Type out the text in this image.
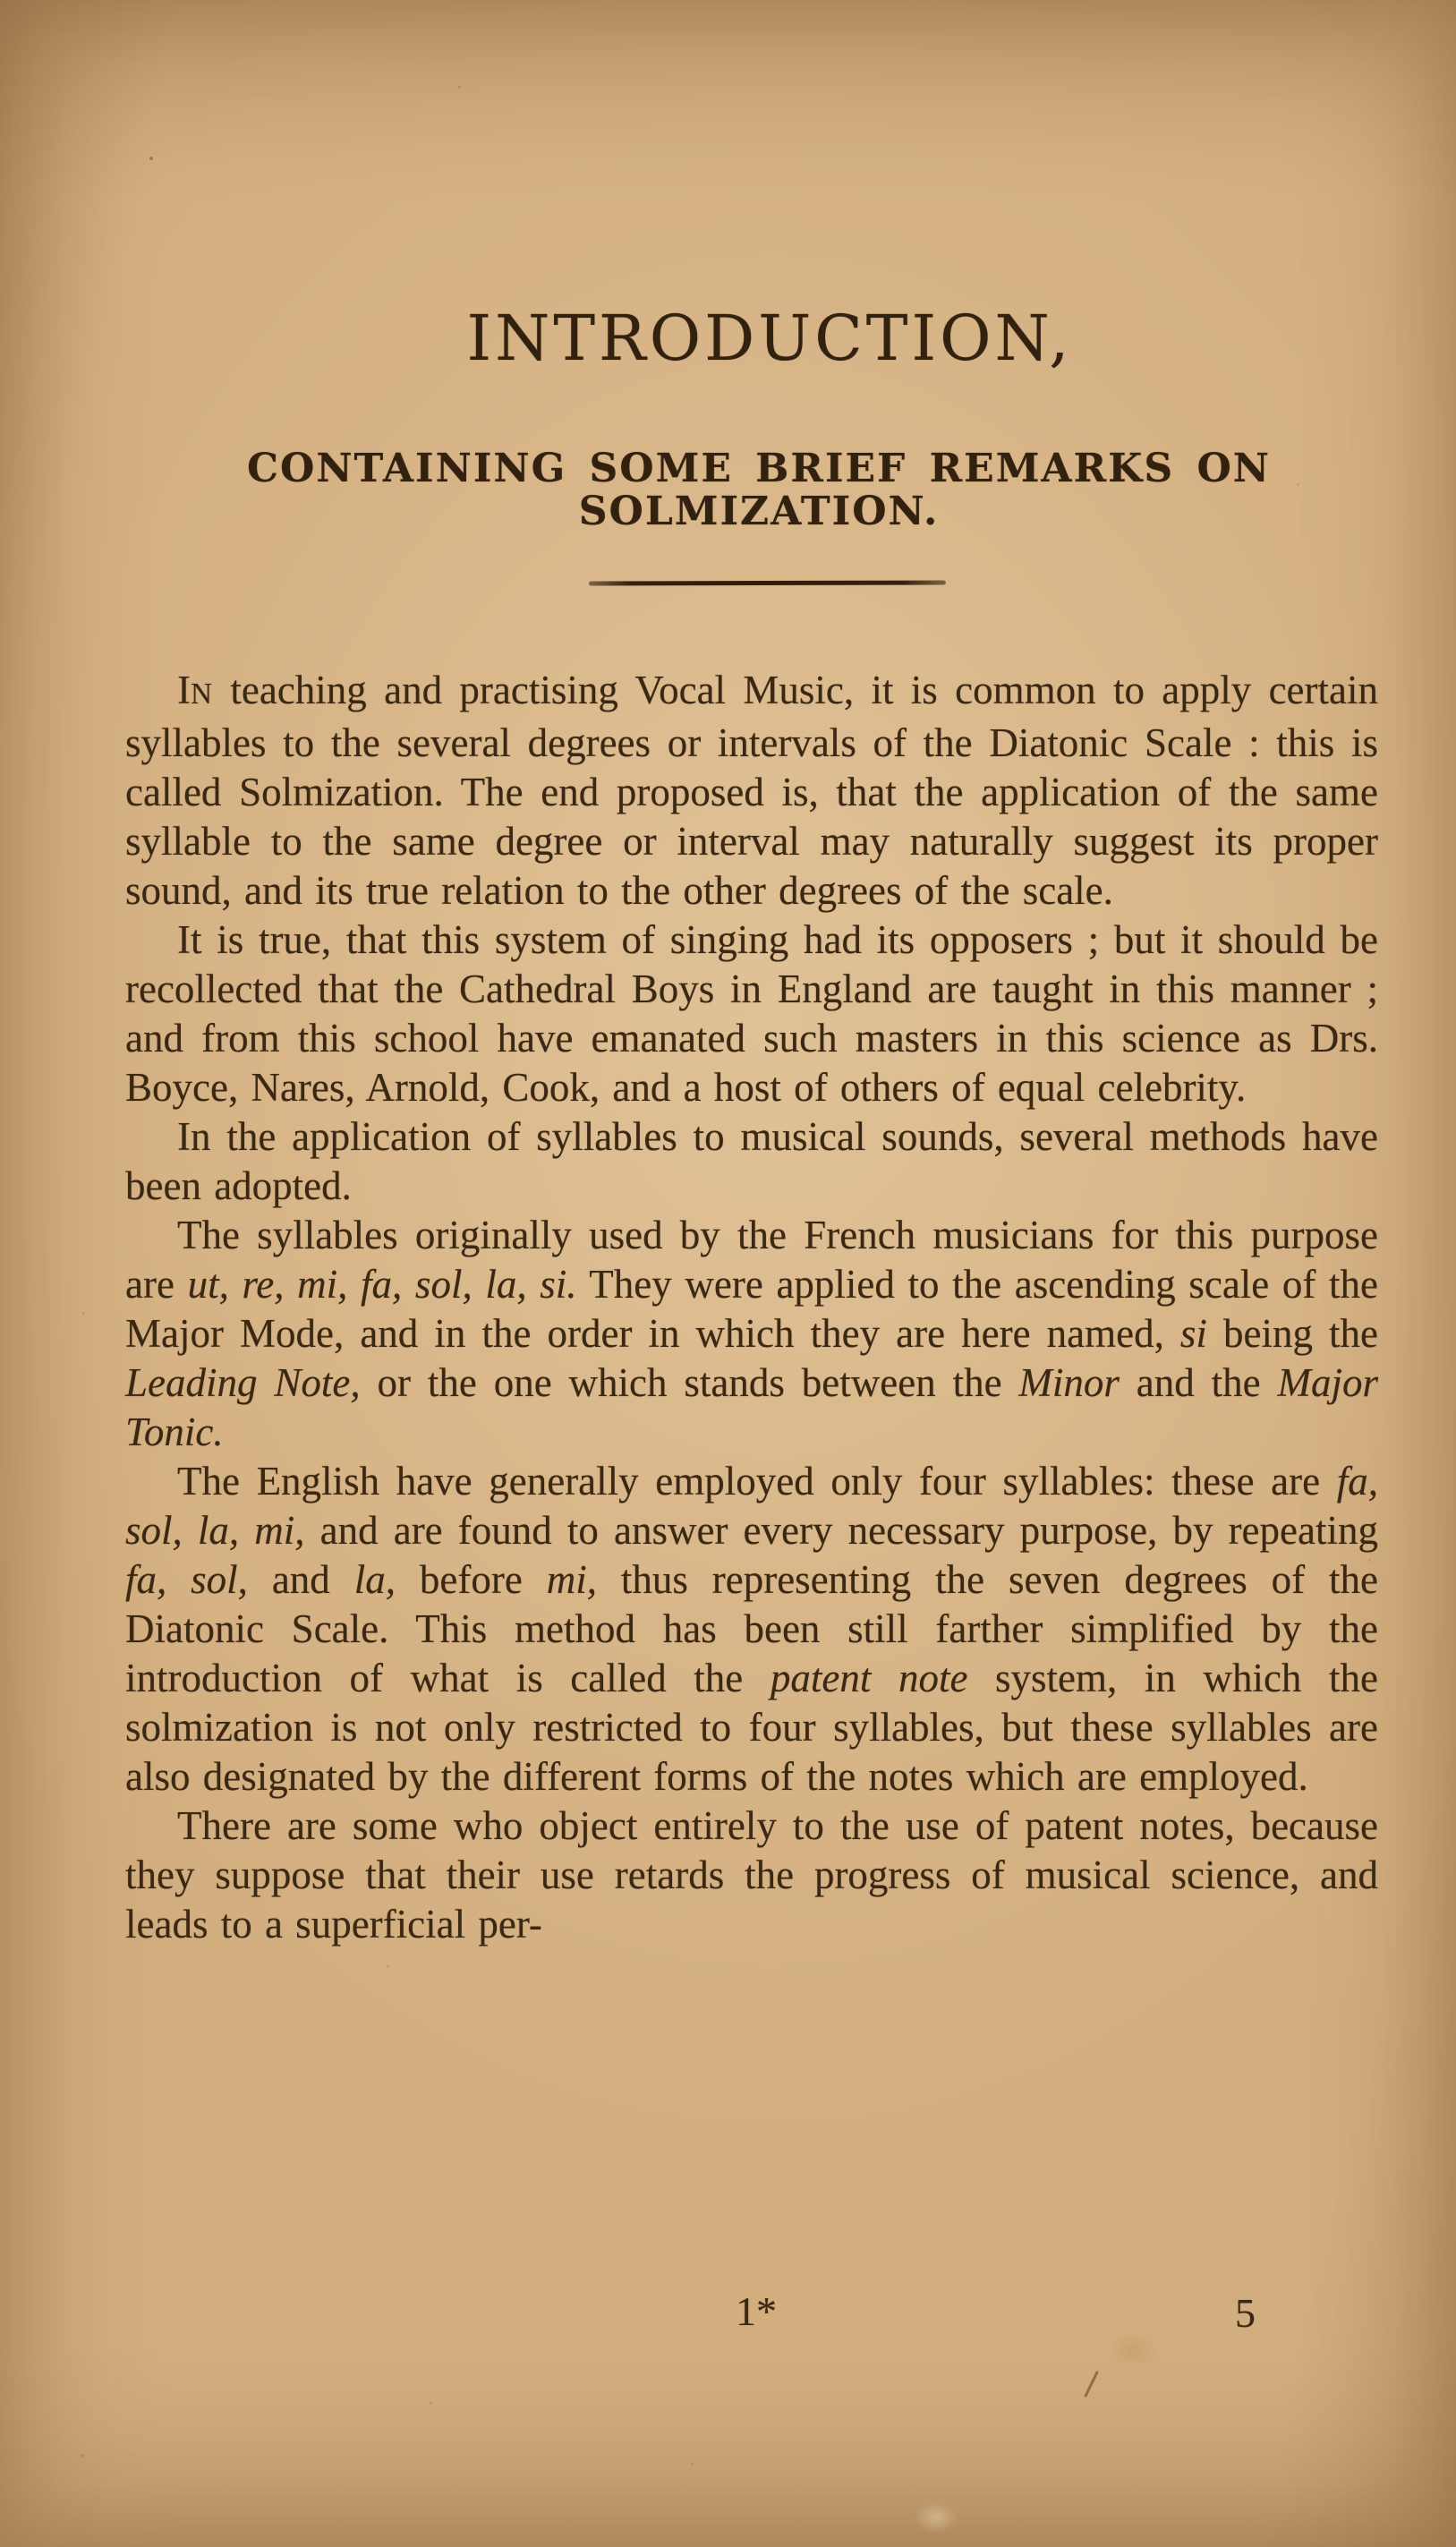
INTRODUCTION,
CONTAINING SOME BRIEF REMARKS ON SOLMIZATION.

IN teaching and practising Vocal Music, it is common to apply certain syllables to the several degrees or intervals of the Diatonic Scale : this is called Solmization. The end proposed is, that the application of the same syllable to the same degree or interval may naturally suggest its proper sound, and its true relation to the other degrees of the scale.

It is true, that this system of singing had its opposers ; but it should be recollected that the Cathedral Boys in England are taught in this manner ; and from this school have emanated such masters in this science as Drs. Boyce, Nares, Arnold, Cook, and a host of others of equal celebrity.

In the application of syllables to musical sounds, several methods have been adopted.

The syllables originally used by the French musicians for this purpose are ut, re, mi, fa, sol, la, si. They were applied to the ascending scale of the Major Mode, and in the order in which they are here named, si being the Leading Note, or the one which stands between the Minor and the Major Tonic.

The English have generally employed only four syllables: these are fa, sol, la, mi, and are found to answer every necessary purpose, by repeating fa, sol, and la, before mi, thus representing the seven degrees of the Diatonic Scale. This method has been still farther simplified by the introduction of what is called the patent note system, in which the solmization is not only restricted to four syllables, but these syllables are also designated by the different forms of the notes which are employed.

There are some who object entirely to the use of patent notes, because they suppose that their use retards the progress of musical science, and leads to a superficial per-

1*	5
